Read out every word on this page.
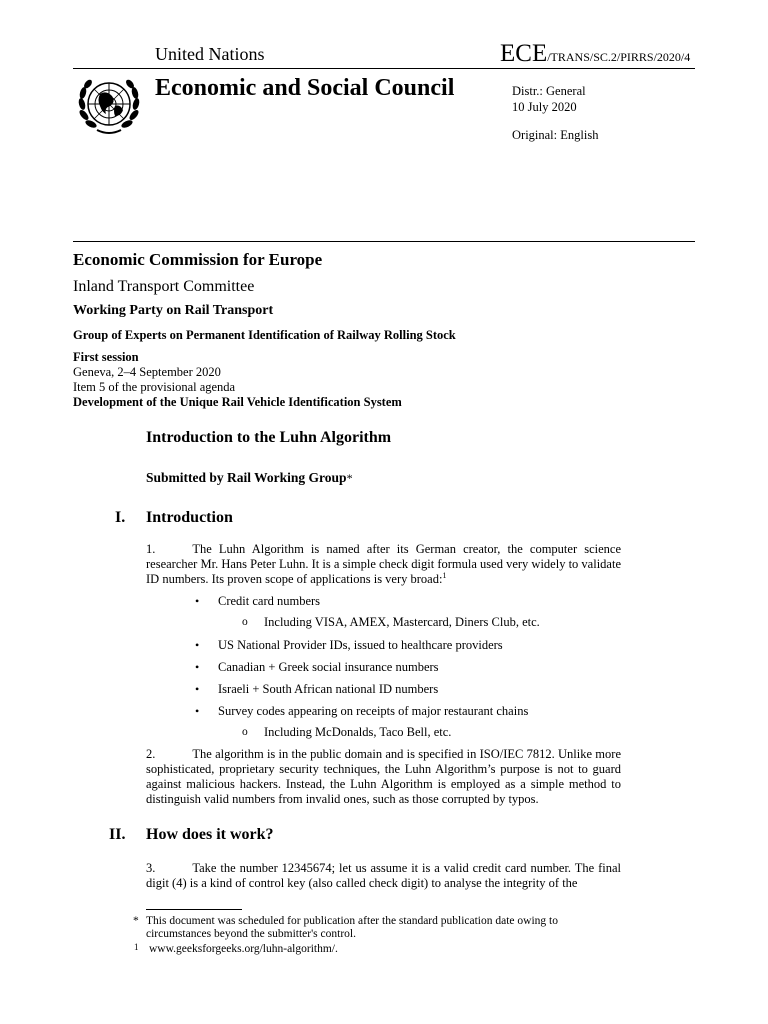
United Nations	ECE/TRANS/SC.2/PIRRS/2020/4
Economic and Social Council	Distr.: General
10 July 2020
Original: English
Economic Commission for Europe
Inland Transport Committee
Working Party on Rail Transport
Group of Experts on Permanent Identification of Railway Rolling Stock
First session
Geneva, 2–4 September 2020
Item 5 of the provisional agenda
Development of the Unique Rail Vehicle Identification System
Introduction to the Luhn Algorithm
Submitted by Rail Working Group*
I. Introduction
1.	The Luhn Algorithm is named after its German creator, the computer science researcher Mr. Hans Peter Luhn. It is a simple check digit formula used very widely to validate ID numbers. Its proven scope of applications is very broad:$^1$
• Credit card numbers
o Including VISA, AMEX, Mastercard, Diners Club, etc.
• US National Provider IDs, issued to healthcare providers
• Canadian + Greek social insurance numbers
• Israeli + South African national ID numbers
• Survey codes appearing on receipts of major restaurant chains
o Including McDonalds, Taco Bell, etc.
2.	The algorithm is in the public domain and is specified in ISO/IEC 7812. Unlike more sophisticated, proprietary security techniques, the Luhn Algorithm’s purpose is not to guard against malicious hackers. Instead, the Luhn Algorithm is employed as a simple method to distinguish valid numbers from invalid ones, such as those corrupted by typos.
II. How does it work?
3.	Take the number 12345674; let us assume it is a valid credit card number. The final digit (4) is a kind of control key (also called check digit) to analyse the integrity of the
* This document was scheduled for publication after the standard publication date owing to
circumstances beyond the submitter's control.
1 www.geeksforgeeks.org/luhn-algorithm/.
